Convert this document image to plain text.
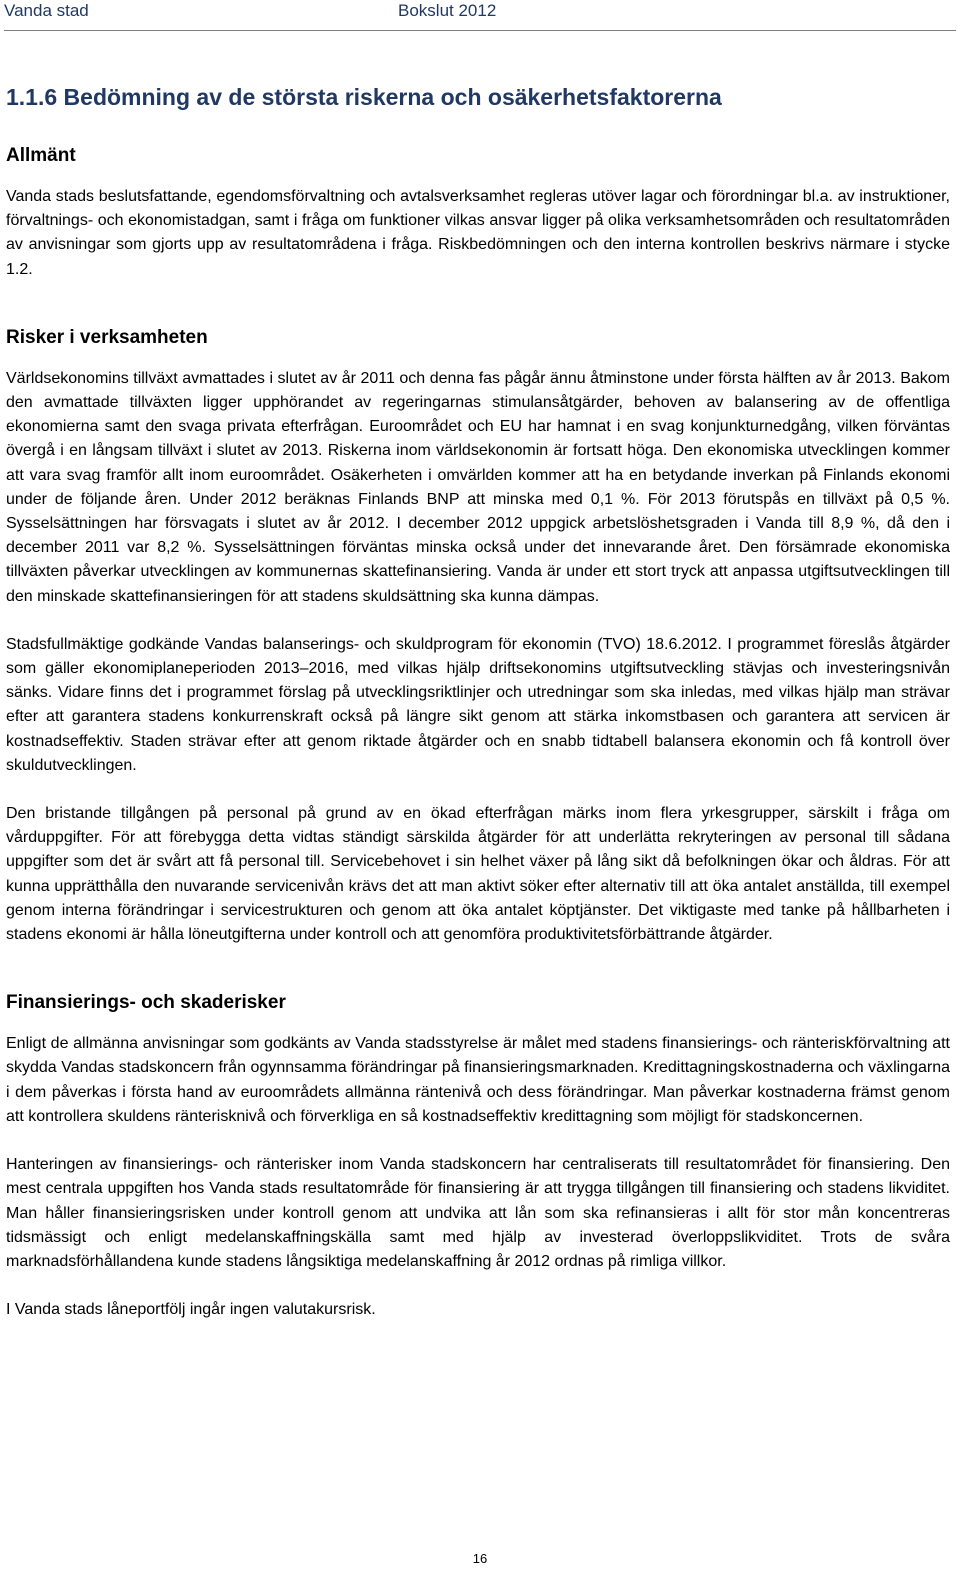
Vanda stad	Bokslut 2012
1.1.6 Bedömning av de största riskerna och osäkerhetsfaktorerna
Allmänt

Vanda stads beslutsfattande, egendomsförvaltning och avtalsverksamhet regleras utöver lagar och förordningar bl.a. av instruktioner, förvaltnings- och ekonomistadgan, samt i fråga om funktioner vilkas ansvar ligger på olika verksamhetsområden och resultatområden av anvisningar som gjorts upp av resultatområdena i fråga. Riskbedömningen och den interna kontrollen beskrivs närmare i stycke 1.2.

Risker i verksamheten

Världsekonomins tillväxt avmattades i slutet av år 2011 och denna fas pågår ännu åtminstone under första hälften av år 2013. Bakom den avmattade tillväxten ligger upphörandet av regeringarnas stimulansåtgärder, behoven av balansering av de offentliga ekonomierna samt den svaga privata efterfrågan. Euroområdet och EU har hamnat i en svag konjunkturnedgång, vilken förväntas övergå i en långsam tillväxt i slutet av 2013. Riskerna inom världsekonomin är fortsatt höga. Den ekonomiska utvecklingen kommer att vara svag framför allt inom euroområdet. Osäkerheten i omvärlden kommer att ha en betydande inverkan på Finlands ekonomi under de följande åren. Under 2012 beräknas Finlands BNP att minska med 0,1 %. För 2013 förutspås en tillväxt på 0,5 %. Sysselsättningen har försvagats i slutet av år 2012. I december 2012 uppgick arbetslöshetsgraden i Vanda till 8,9 %, då den i december 2011 var 8,2 %. Sysselsättningen förväntas minska också under det innevarande året. Den försämrade ekonomiska tillväxten påverkar utvecklingen av kommunernas skattefinansiering. Vanda är under ett stort tryck att anpassa utgiftsutvecklingen till den minskade skattefinansieringen för att stadens skuldsättning ska kunna dämpas.

Stadsfullmäktige godkände Vandas balanserings- och skuldprogram för ekonomin (TVO) 18.6.2012. I programmet föreslås åtgärder som gäller ekonomiplaneperioden 2013–2016, med vilkas hjälp driftsekonomins utgiftsutveckling stävjas och investeringsnivån sänks. Vidare finns det i programmet förslag på utvecklingsriktlinjer och utredningar som ska inledas, med vilkas hjälp man strävar efter att garantera stadens konkurrenskraft också på längre sikt genom att stärka inkomstbasen och garantera att servicen är kostnadseffektiv. Staden strävar efter att genom riktade åtgärder och en snabb tidtabell balansera ekonomin och få kontroll över skuldutvecklingen.

Den bristande tillgången på personal på grund av en ökad efterfrågan märks inom flera yrkesgrupper, särskilt i fråga om vårduppgifter. För att förebygga detta vidtas ständigt särskilda åtgärder för att underlätta rekryteringen av personal till sådana uppgifter som det är svårt att få personal till. Servicebehovet i sin helhet växer på lång sikt då befolkningen ökar och åldras. För att kunna upprätthålla den nuvarande servicenivån krävs det att man aktivt söker efter alternativ till att öka antalet anställda, till exempel genom interna förändringar i servicestrukturen och genom att öka antalet köptjänster. Det viktigaste med tanke på hållbarheten i stadens ekonomi är hålla löneutgifterna under kontroll och att genomföra produktivitetsförbättrande åtgärder.

Finansierings- och skaderisker

Enligt de allmänna anvisningar som godkänts av Vanda stadsstyrelse är målet med stadens finansierings- och ränteriskförvaltning att skydda Vandas stadskoncern från ogynnsamma förändringar på finansieringsmarknaden. Kredittagningskostnaderna och växlingarna i dem påverkas i första hand av euroområdets allmänna räntenivå och dess förändringar. Man påverkar kostnaderna främst genom att kontrollera skuldens ränterisknivå och förverkliga en så kostnadseffektiv kredittagning som möjligt för stadskoncernen.

Hanteringen av finansierings- och ränterisker inom Vanda stadskoncern har centraliserats till resultatområdet för finansiering. Den mest centrala uppgiften hos Vanda stads resultatområde för finansiering är att trygga tillgången till finansiering och stadens likviditet. Man håller finansieringsrisken under kontroll genom att undvika att lån som ska refinansieras i allt för stor mån koncentreras tidsmässigt och enligt medelanskaffningskälla samt med hjälp av investerad överloppslikviditet. Trots de svåra marknadsförhållandena kunde stadens långsiktiga medelanskaffning år 2012 ordnas på rimliga villkor.

I Vanda stads låneportfölj ingår ingen valutakursrisk.

16
